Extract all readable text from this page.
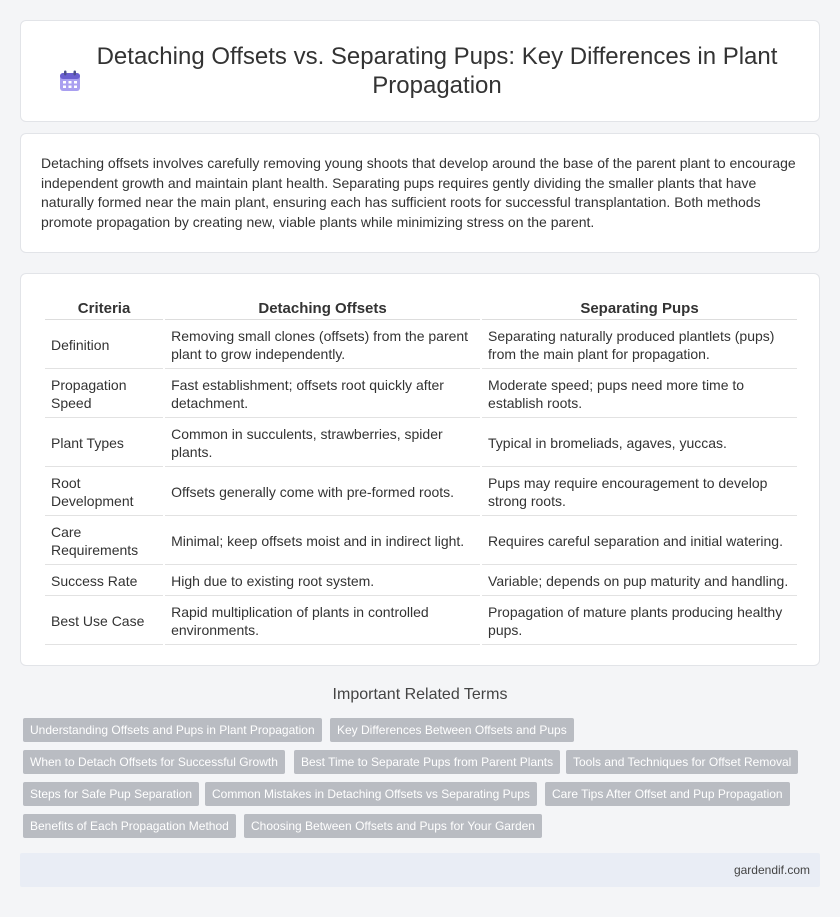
Detaching Offsets vs. Separating Pups: Key Differences in Plant Propagation

Detaching offsets involves carefully removing young shoots that develop around the base of the parent plant to encourage independent growth and maintain plant health. Separating pups requires gently dividing the smaller plants that have naturally formed near the main plant, ensuring each has sufficient roots for successful transplantation. Both methods promote propagation by creating new, viable plants while minimizing stress on the parent.

Criteria	Detaching Offsets	Separating Pups
Definition	Removing small clones (offsets) from the parent plant to grow independently.	Separating naturally produced plantlets (pups) from the main plant for propagation.
Propagation Speed	Fast establishment; offsets root quickly after detachment.	Moderate speed; pups need more time to establish roots.
Plant Types	Common in succulents, strawberries, spider plants.	Typical in bromeliads, agaves, yuccas.
Root Development	Offsets generally come with pre-formed roots.	Pups may require encouragement to develop strong roots.
Care Requirements	Minimal; keep offsets moist and in indirect light.	Requires careful separation and initial watering.
Success Rate	High due to existing root system.	Variable; depends on pup maturity and handling.
Best Use Case	Rapid multiplication of plants in controlled environments.	Propagation of mature plants producing healthy pups.
Important Related Terms
Understanding Offsets and Pups in Plant Propagation	Key Differences Between Offsets and Pups
When to Detach Offsets for Successful Growth	Best Time to Separate Pups from Parent Plants	Tools and Techniques for Offset Removal
Steps for Safe Pup Separation	Common Mistakes in Detaching Offsets vs Separating Pups	Care Tips After Offset and Pup Propagation
Benefits of Each Propagation Method	Choosing Between Offsets and Pups for Your Garden
gardendif.com
